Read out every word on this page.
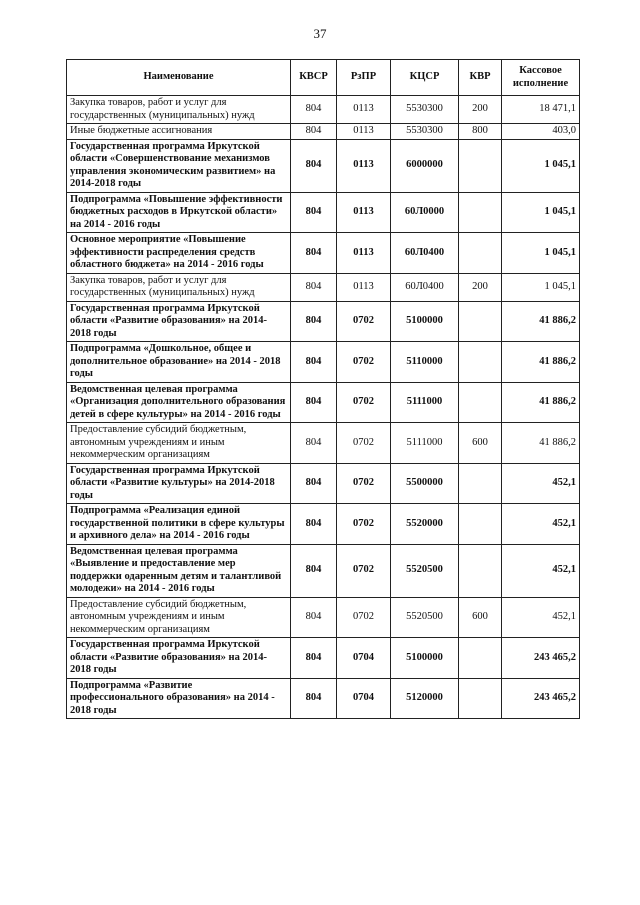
37
Наименование	КВСР	РзПР	КЦСР	КВР	Кассовое
исполнение
Закупка товаров, работ и услуг для государственных (муниципальных) нужд	804	0113	5530300	200	18 471,1
Иные бюджетные ассигнования	804	0113	5530300	800	403,0
Государственная программа Иркутской области «Совершенствование механизмов управления экономическим развитием» на 2014-2018 годы	804	0113	6000000		1 045,1
Подпрограмма «Повышение эффективности бюджетных расходов в Иркутской области» на 2014 - 2016 годы	804	0113	60Л0000		1 045,1
Основное мероприятие «Повышение эффективности распределения средств областного бюджета» на 2014 - 2016 годы	804	0113	60Л0400		1 045,1
Закупка товаров, работ и услуг для государственных (муниципальных) нужд	804	0113	60Л0400	200	1 045,1
Государственная программа Иркутской области «Развитие образования» на 2014-2018 годы	804	0702	5100000		41 886,2
Подпрограмма «Дошкольное, общее и дополнительное образование» на 2014 - 2018 годы	804	0702	5110000		41 886,2
Ведомственная целевая программа «Организация дополнительного образования детей в сфере культуры» на 2014 - 2016 годы	804	0702	5111000		41 886,2
Предоставление субсидий бюджетным, автономным учреждениям и иным некоммерческим организациям	804	0702	5111000	600	41 886,2
Государственная программа Иркутской области «Развитие культуры» на 2014-2018 годы	804	0702	5500000		452,1
Подпрограмма «Реализация единой государственной политики в сфере культуры и архивного дела» на 2014 - 2016 годы	804	0702	5520000		452,1
Ведомственная целевая программа «Выявление и предоставление мер поддержки одаренным детям и талантливой молодежи» на 2014 - 2016 годы	804	0702	5520500		452,1
Предоставление субсидий бюджетным, автономным учреждениям и иным некоммерческим организациям	804	0702	5520500	600	452,1
Государственная программа Иркутской области «Развитие образования» на 2014-2018 годы	804	0704	5100000		243 465,2
Подпрограмма «Развитие профессионального образования» на 2014 - 2018 годы	804	0704	5120000		243 465,2
